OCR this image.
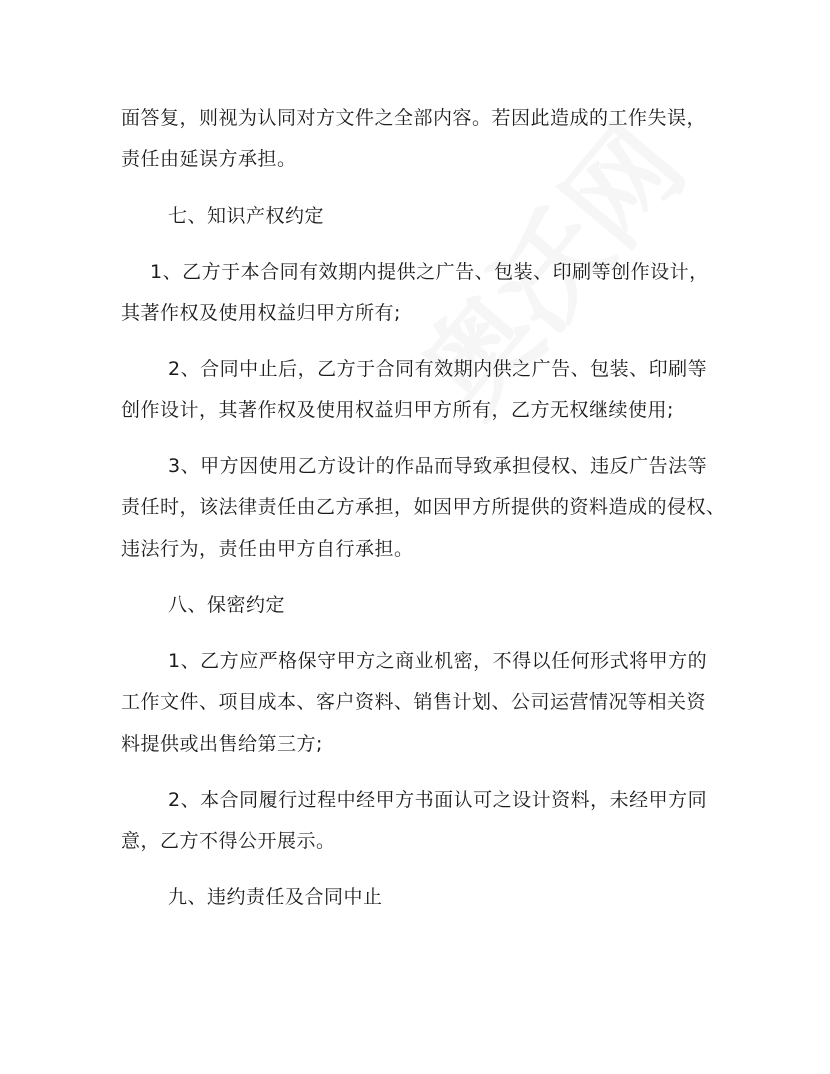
面答复，则视为认同对方文件之全部内容。若因此造成的工作失误，
责任由延误方承担。
七、知识产权约定
1、乙方于本合同有效期内提供之广告、包装、印刷等创作设计，
其著作权及使用权益归甲方所有;
2、合同中止后，乙方于合同有效期内供之广告、包装、印刷等
创作设计，其著作权及使用权益归甲方所有，乙方无权继续使用;
3、甲方因使用乙方设计的作品而导致承担侵权、违反广告法等
责任时，该法律责任由乙方承担，如因甲方所提供的资料造成的侵权、
违法行为，责任由甲方自行承担。
八、保密约定
1、乙方应严格保守甲方之商业机密，不得以任何形式将甲方的
工作文件、项目成本、客户资料、销售计划、公司运营情况等相关资
料提供或出售给第三方;
2、本合同履行过程中经甲方书面认可之设计资料，未经甲方同
意，乙方不得公开展示。
九、违约责任及合同中止
